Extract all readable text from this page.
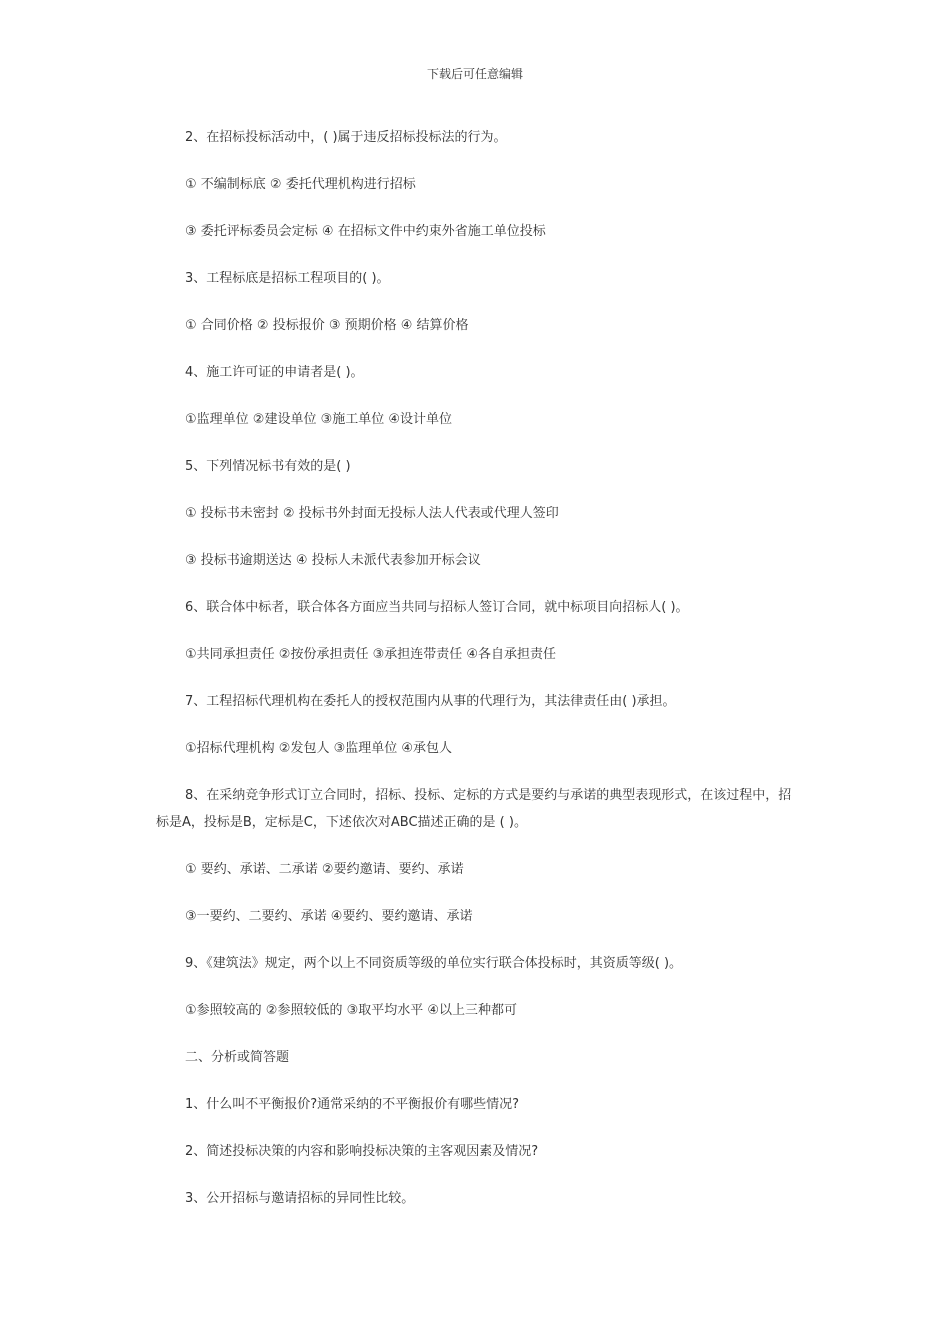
下载后可任意编辑

2、在招标投标活动中，( )属于违反招标投标法的行为。

① 不编制标底 ② 委托代理机构进行招标

③ 委托评标委员会定标 ④ 在招标文件中约束外省施工单位投标

3、工程标底是招标工程项目的( )。

① 合同价格 ② 投标报价 ③ 预期价格 ④ 结算价格

4、施工许可证的申请者是( )。

①监理单位 ②建设单位 ③施工单位 ④设计单位

5、下列情况标书有效的是( )

① 投标书未密封 ② 投标书外封面无投标人法人代表或代理人签印

③ 投标书逾期送达 ④ 投标人未派代表参加开标会议

6、联合体中标者，联合体各方面应当共同与招标人签订合同，就中标项目向招标人( )。

①共同承担责任 ②按份承担责任 ③承担连带责任 ④各自承担责任

7、工程招标代理机构在委托人的授权范围内从事的代理行为，其法律责任由( )承担。

①招标代理机构 ②发包人 ③监理单位 ④承包人

8、在采纳竞争形式订立合同时，招标、投标、定标的方式是要约与承诺的典型表现形式，在该过程中，招标是A，投标是B，定标是C，下述依次对ABC描述正确的是 ( )。

① 要约、承诺、二承诺 ②要约邀请、要约、承诺

③一要约、二要约、承诺 ④要约、要约邀请、承诺

9、《建筑法》规定，两个以上不同资质等级的单位实行联合体投标时，其资质等级( )。

①参照较高的 ②参照较低的 ③取平均水平 ④以上三种都可

二、分析或简答题

1、什么叫不平衡报价?通常采纳的不平衡报价有哪些情况?

2、简述投标决策的内容和影响投标决策的主客观因素及情况?

3、公开招标与邀请招标的异同性比较。
